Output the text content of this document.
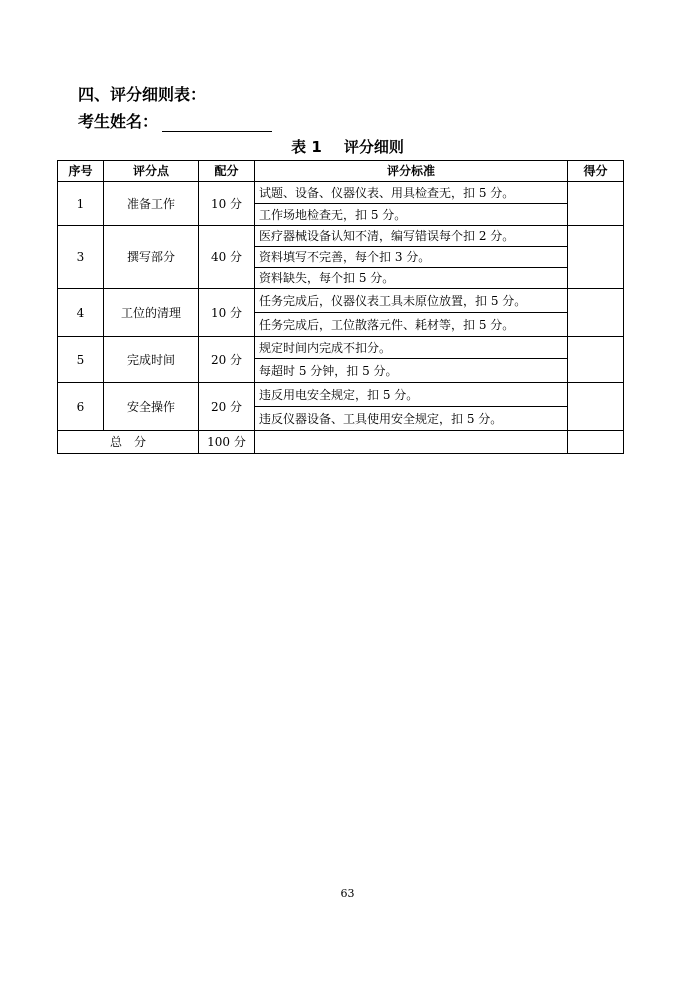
四、评分细则表：
考生姓名：
表 1 评分细则
序号	评分点	配分	评分标准	得分
1	准备工作	10 分	试题、设备、仪器仪表、用具检查无，扣 5 分。	
			工作场地检查无，扣 5 分。	
3	撰写部分	40 分	医疗器械设备认知不清，编写错误每个扣 2 分。	
			资料填写不完善，每个扣 3 分。	
			资料缺失，每个扣 5 分。	
4	工位的清理	10 分	任务完成后，仪器仪表工具未原位放置，扣 5 分。	
			任务完成后，工位散落元件、耗材等，扣 5 分。	
5	完成时间	20 分	规定时间内完成不扣分。	
			每超时 5 分钟，扣 5 分。	
6	安全操作	20 分	违反用电安全规定，扣 5 分。	
			违反仪器设备、工具使用安全规定，扣 5 分。	
总　分		100 分		
63
